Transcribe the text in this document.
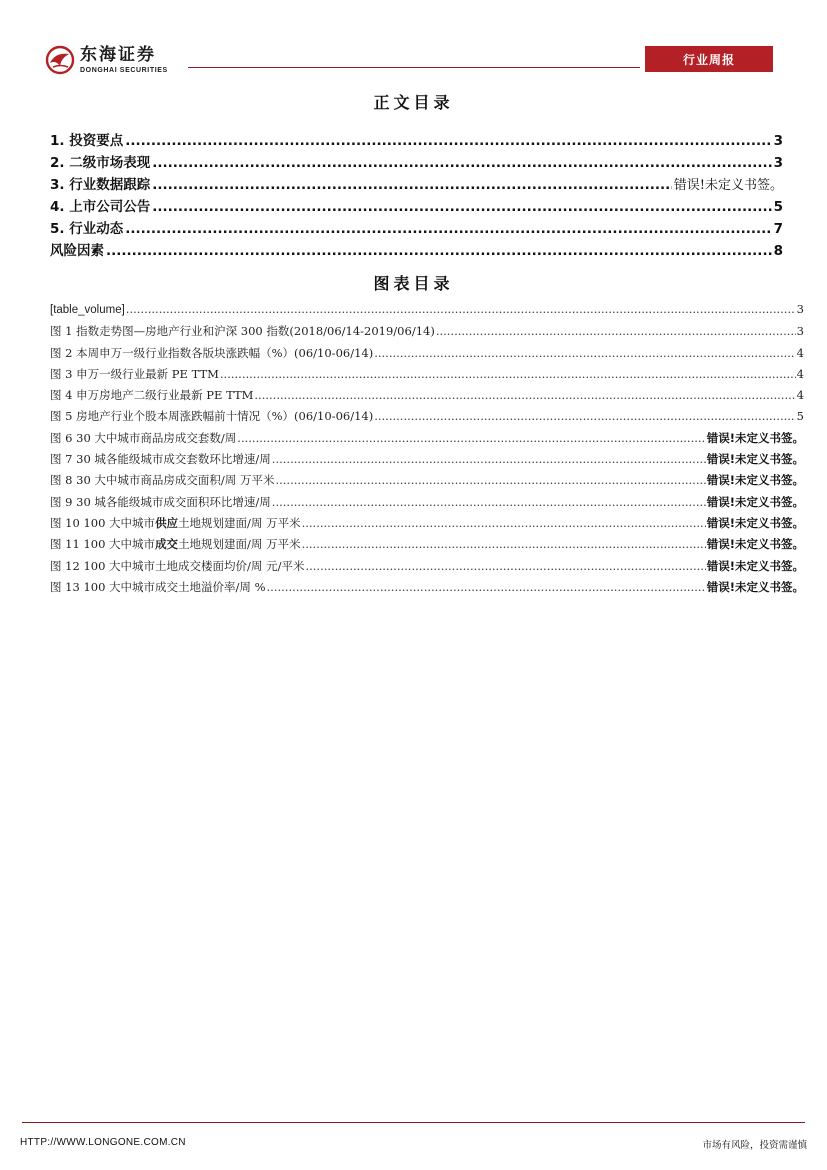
东海证券
DONGHAI SECURITIES
行业周报
正文目录
1. 投资要点 .....	3
2. 二级市场表现 .....	3
3. 行业数据跟踪 .....	错误!未定义书签。
4. 上市公司公告 .....	5
5. 行业动态 .....	7
风险因素 .....	8
图表目录
[table_volume] .....	3
图 1 指数走势图—房地产行业和沪深 300 指数(2018/06/14-2019/06/14) .....	3
图 2 本周申万一级行业指数各版块涨跌幅（%）(06/10-06/14) .....	4
图 3 申万一级行业最新 PE TTM .....	4
图 4 申万房地产二级行业最新 PE TTM .....	4
图 5 房地产行业个股本周涨跌幅前十情况（%）(06/10-06/14) .....	5
图 6 30 大中城市商品房成交套数/周 .....	错误!未定义书签。
图 7 30 城各能级城市成交套数环比增速/周 .....	错误!未定义书签。
图 8 30 大中城市商品房成交面积/周 万平米 .....	错误!未定义书签。
图 9 30 城各能级城市成交面积环比增速/周 .....	错误!未定义书签。
图 10 100 大中城市供应土地规划建面/周 万平米 .....	错误!未定义书签。
图 11 100 大中城市成交土地规划建面/周 万平米 .....	错误!未定义书签。
图 12 100 大中城市土地成交楼面均价/周 元/平米 .....	错误!未定义书签。
图 13 100 大中城市成交土地溢价率/周 % .....	错误!未定义书签。
HTTP://WWW.LONGONE.COM.CN	市场有风险，投资需谨慎
